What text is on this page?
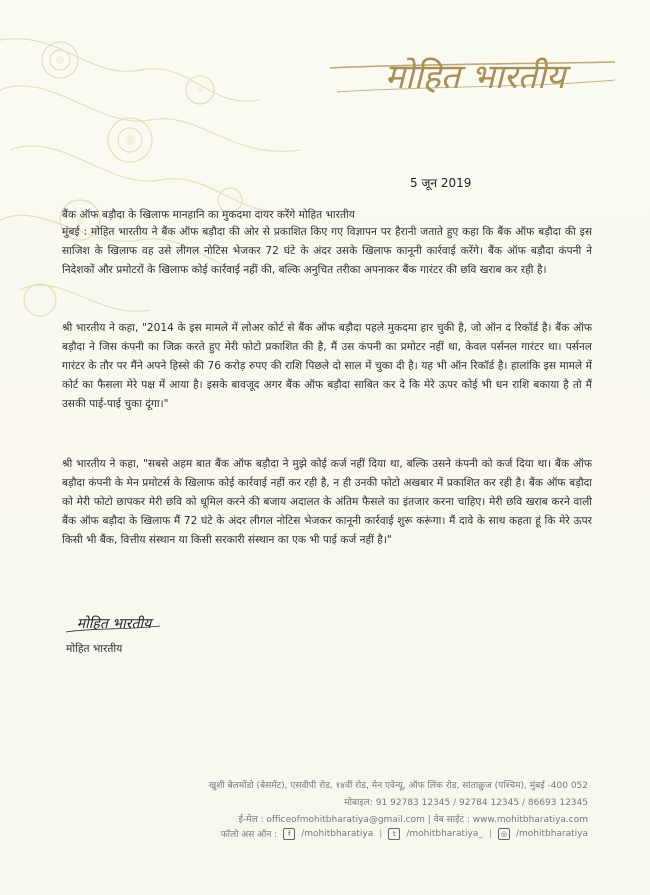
मोहित भारतीय
5 जून 2019
बैंक ऑफ बड़ौदा के खिलाफ मानहानि का मुकदमा दायर करेंगे मोहित भारतीय
मुंबई : मोहित भारतीय ने बैंक ऑफ बड़ौदा की ओर से प्रकाशित किए गए विज्ञापन पर हैरानी जताते हुए कहा कि बैंक ऑफ बड़ौदा की इस साजिश के खिलाफ वह उसे लीगल नोटिस भेजकर 72 घंटे के अंदर उसके खिलाफ कानूनी कार्रवाई करेंगे। बैंक ऑफ बड़ौदा कंपनी ने निदेशकों और प्रमोटरों के खिलाफ कोई कार्रवाई नहीं की, बल्कि अनुचित तरीका अपनाकर बैंक गारंटर की छवि खराब कर रही है।
श्री भारतीय ने कहा, "2014 के इस मामले में लोअर कोर्ट से बैंक ऑफ बड़ौदा पहले मुकदमा हार चुकी है, जो ऑन द रिकॉर्ड है। बैंक ऑफ बड़ौदा ने जिस कंपनी का जिक्र करते हुए मेरी फोटो प्रकाशित की है, मैं उस कंपनी का प्रमोटर नहीं था, केवल पर्सनल गारंटर था। पर्सनल गारंटर के तौर पर मैंने अपने हिस्से की 76 करोड़ रुपए की राशि पिछले दो साल में चुका दी है। यह भी ऑन रिकॉर्ड है। हालांकि इस मामले में कोर्ट का फैसला मेरे पक्ष में आया है। इसके बावजूद अगर बैंक ऑफ बड़ौदा साबित कर दे कि मेरे ऊपर कोई भी धन राशि बकाया है तो मैं उसकी पाई-पाई चुका दूंगा।"
श्री भारतीय ने कहा, "सबसे अहम बात बैंक ऑफ बड़ौदा ने मुझे कोई कर्ज नहीं दिया था, बल्कि उसने कंपनी को कर्ज दिया था। बैंक ऑफ बड़ौदा कंपनी के मेन प्रमोटर्स के खिलाफ कोई कार्रवाई नहीं कर रही है, न ही उनकी फोटो अखबार में प्रकाशित कर रही है। बैंक ऑफ बड़ौदा को मेरी फोटो छापकर मेरी छवि को धूमिल करने की बजाय अदालत के अंतिम फैसले का इंतजार करना चाहिए। मेरी छवि खराब करने वाली बैंक ऑफ बड़ौदा के खिलाफ मैं 72 घंटे के अंदर लीगल नोटिस भेजकर कानूनी कार्रवाई शुरू करूंगा। मैं दावे के साथ कहता हूं कि मेरे ऊपर किसी भी बैंक, वित्तीय संस्थान या किसी सरकारी संस्थान का एक भी पाई कर्ज नहीं है।"
मोहित भारतीय
मोहित भारतीय
खुशी बेलमोंडो (बेसमेंट), एसवीपी रोड, १४वीं रोड, मेन एवेन्यू, ऑफ लिंक रोड, सांताक्रुज (पश्चिम), मुंबई -400 052
मोबाइल: 91 92783 12345 / 92784 12345 / 86693 12345
ई-मेल : officeofmohitbharatiya@gmail.com | वेब साईट : www.mohitbharatiya.com
फॉलो अस ऑन :	f	/mohitbharatiya |	t	/mohitbharatiya_ |	◎ /mohitbharatiya
